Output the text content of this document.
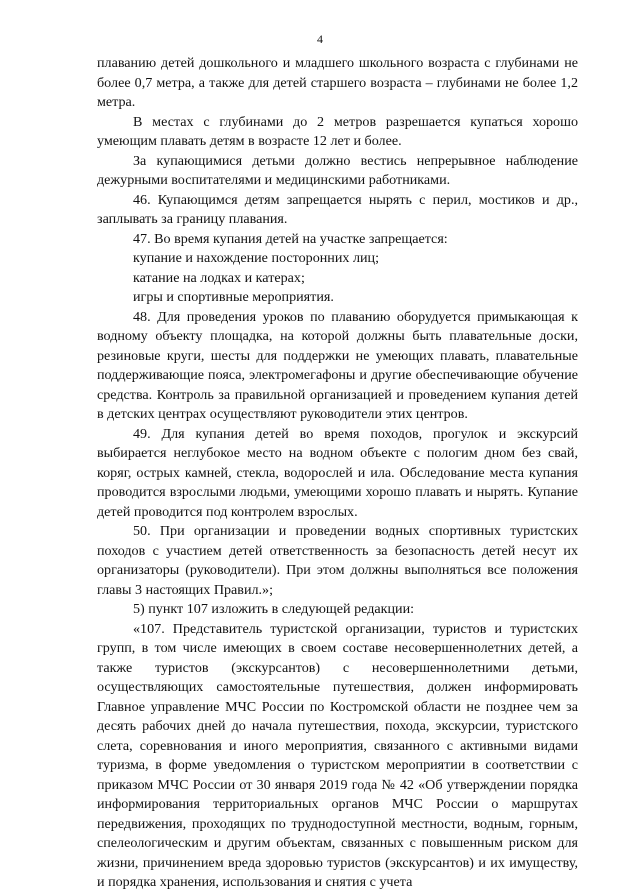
4

плаванию детей дошкольного и младшего школьного возраста с глубинами не более 0,7 метра, а также для детей старшего возраста – глубинами не более 1,2 метра.

В местах с глубинами до 2 метров разрешается купаться хорошо умеющим плавать детям в возрасте 12 лет и более.

За купающимися детьми должно вестись непрерывное наблюдение дежурными воспитателями и медицинскими работниками.

46. Купающимся детям запрещается нырять с перил, мостиков и др., заплывать за границу плавания.

47. Во время купания детей на участке запрещается:

купание и нахождение посторонних лиц;

катание на лодках и катерах;

игры и спортивные мероприятия.

48. Для проведения уроков по плаванию оборудуется примыкающая к водному объекту площадка, на которой должны быть плавательные доски, резиновые круги, шесты для поддержки не умеющих плавать, плавательные поддерживающие пояса, электромегафоны и другие обеспечивающие обучение средства. Контроль за правильной организацией и проведением купания детей в детских центрах осуществляют руководители этих центров.

49. Для купания детей во время походов, прогулок и экскурсий выбирается неглубокое место на водном объекте с пологим дном без свай, коряг, острых камней, стекла, водорослей и ила. Обследование места купания проводится взрослыми людьми, умеющими хорошо плавать и нырять. Купание детей проводится под контролем взрослых.

50. При организации и проведении водных спортивных туристских походов с участием детей ответственность за безопасность детей несут их организаторы (руководители). При этом должны выполняться все положения главы 3 настоящих Правил.»;

5) пункт 107 изложить в следующей редакции:

«107. Представитель туристской организации, туристов и туристских групп, в том числе имеющих в своем составе несовершеннолетних детей, а также туристов (экскурсантов) с несовершеннолетними детьми, осуществляющих самостоятельные путешествия, должен информировать Главное управление МЧС России по Костромской области не позднее чем за десять рабочих дней до начала путешествия, похода, экскурсии, туристского слета, соревнования и иного мероприятия, связанного с активными видами туризма, в форме уведомления о туристском мероприятии в соответствии с приказом МЧС России от 30 января 2019 года № 42 «Об утверждении порядка информирования территориальных органов МЧС России о маршрутах передвижения, проходящих по труднодоступной местности, водным, горным, спелеологическим и другим объектам, связанных с повышенным риском для жизни, причинением вреда здоровью туристов (экскурсантов) и их имуществу, и порядка хранения, использования и снятия с учета
